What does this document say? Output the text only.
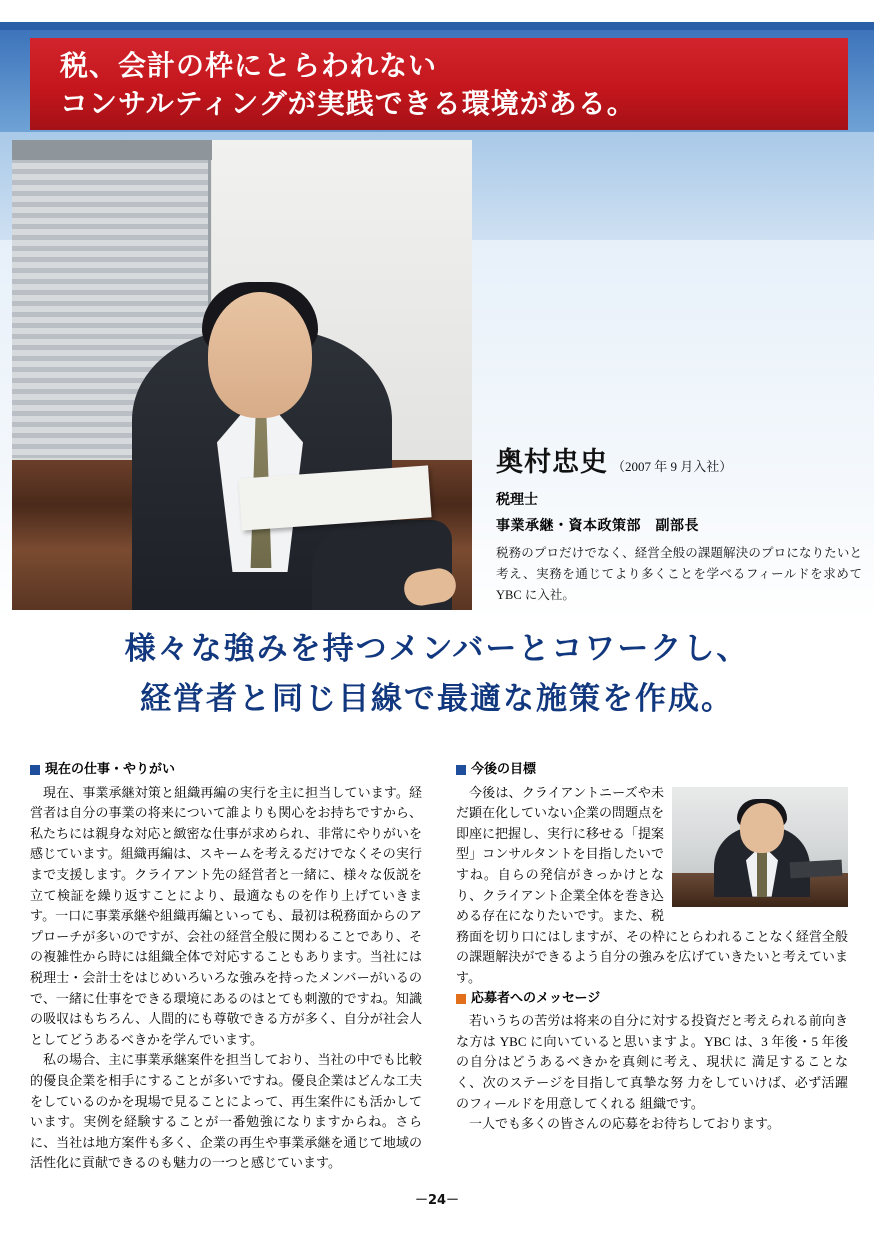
税、会計の枠にとらわれない
コンサルティングが実践できる環境がある。
奥村忠史 （2007 年 9 月入社）
税理士
事業承継・資本政策部　副部長
税務のプロだけでなく、経営全般の課題解決のプロになりたいと考え、実務を通じてより多くことを学べるフィールドを求めて YBC に入社。
様々な強みを持つメンバーとコワークし、
経営者と同じ目線で最適な施策を作成。
現在の仕事・やりがい

現在、事業承継対策と組織再編の実行を主に担当しています。経営者は自分の事業の将来について誰よりも関心をお持ちですから、私たちには親身な対応と緻密な仕事が求められ、非常にやりがいを感じています。組織再編は、スキームを考えるだけでなくその実行まで支援します。クライアント先の経営者と一緒に、様々な仮説を立て検証を繰り返すことにより、最適なものを作り上げていきます。一口に事業承継や組織再編といっても、最初は税務面からのアプローチが多いのですが、会社の経営全般に関わることであり、その複雑性から時には組織全体で対応することもあります。当社には税理士・会計士をはじめいろいろな強みを持ったメンバーがいるので、一緒に仕事をできる環境にあるのはとても刺激的ですね。知識の吸収はもちろん、人間的にも尊敬できる方が多く、自分が社会人としてどうあるべきかを学んでいます。

私の場合、主に事業承継案件を担当しており、当社の中でも比較的優良企業を相手にすることが多いですね。優良企業はどんな工夫をしているのかを現場で見ることによって、再生案件にも活かしています。実例を経験することが一番勉強になりますからね。さらに、当社は地方案件も多く、企業の再生や事業承継を通じて地域の活性化に貢献できるのも魅力の一つと感じています。

今後の目標

今後は、クライアントニーズや未だ顕在化していない企業の問題点を即座に把握し、実行に移せる「提案型」コンサルタントを目指したいですね。自らの発信がきっかけとなり、クライアント企業全体を巻き込める存在になりたいです。また、税務面を切り口にはしますが、その枠にとらわれることなく経営全般の課題解決ができるよう自分の強みを広げていきたいと考えています。

応募者へのメッセージ

若いうちの苦労は将来の自分に対する投資だと考えられる前向きな方は YBC に向いていると思いますよ。YBC は、3 年後・5 年後の自分はどうあるべきかを真剣に考え、現状に 満足することなく、次のステージを目指して真摯な努 力をしていけば、必ず活躍のフィールドを用意してくれる 組織です。

一人でも多くの皆さんの応募をお待ちしております。

－24－
